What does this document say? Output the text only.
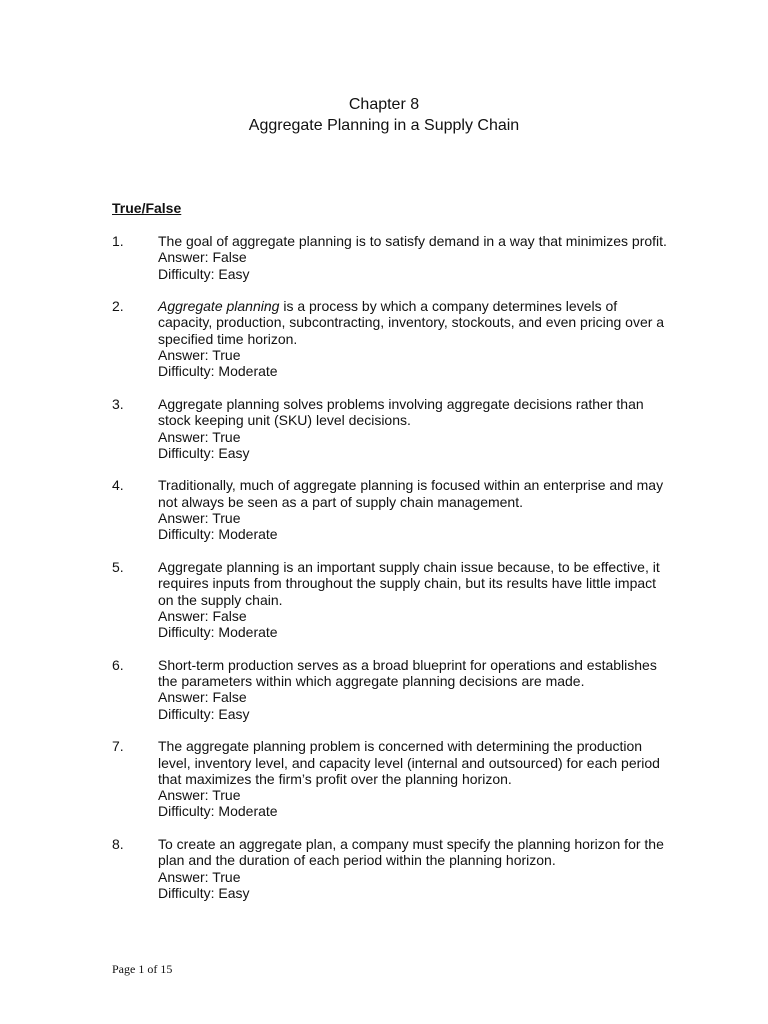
Chapter 8
Aggregate Planning in a Supply Chain
True/False
1.	The goal of aggregate planning is to satisfy demand in a way that minimizes profit.

Answer: False

Difficulty: Easy

2.	Aggregate planning is a process by which a company determines levels of capacity, production, subcontracting, inventory, stockouts, and even pricing over a specified time horizon.

Answer: True

Difficulty: Moderate

3.	Aggregate planning solves problems involving aggregate decisions rather than stock keeping unit (SKU) level decisions.

Answer: True

Difficulty: Easy

4.	Traditionally, much of aggregate planning is focused within an enterprise and may not always be seen as a part of supply chain management.

Answer: True

Difficulty: Moderate

5.	Aggregate planning is an important supply chain issue because, to be effective, it requires inputs from throughout the supply chain, but its results have little impact on the supply chain.

Answer: False

Difficulty: Moderate

6.	Short-term production serves as a broad blueprint for operations and establishes the parameters within which aggregate planning decisions are made.

Answer: False

Difficulty: Easy

7.	The aggregate planning problem is concerned with determining the production level, inventory level, and capacity level (internal and outsourced) for each period that maximizes the firm’s profit over the planning horizon.

Answer: True

Difficulty: Moderate

8.	To create an aggregate plan, a company must specify the planning horizon for the plan and the duration of each period within the planning horizon.

Answer: True

Difficulty: Easy

Page 1 of 15
